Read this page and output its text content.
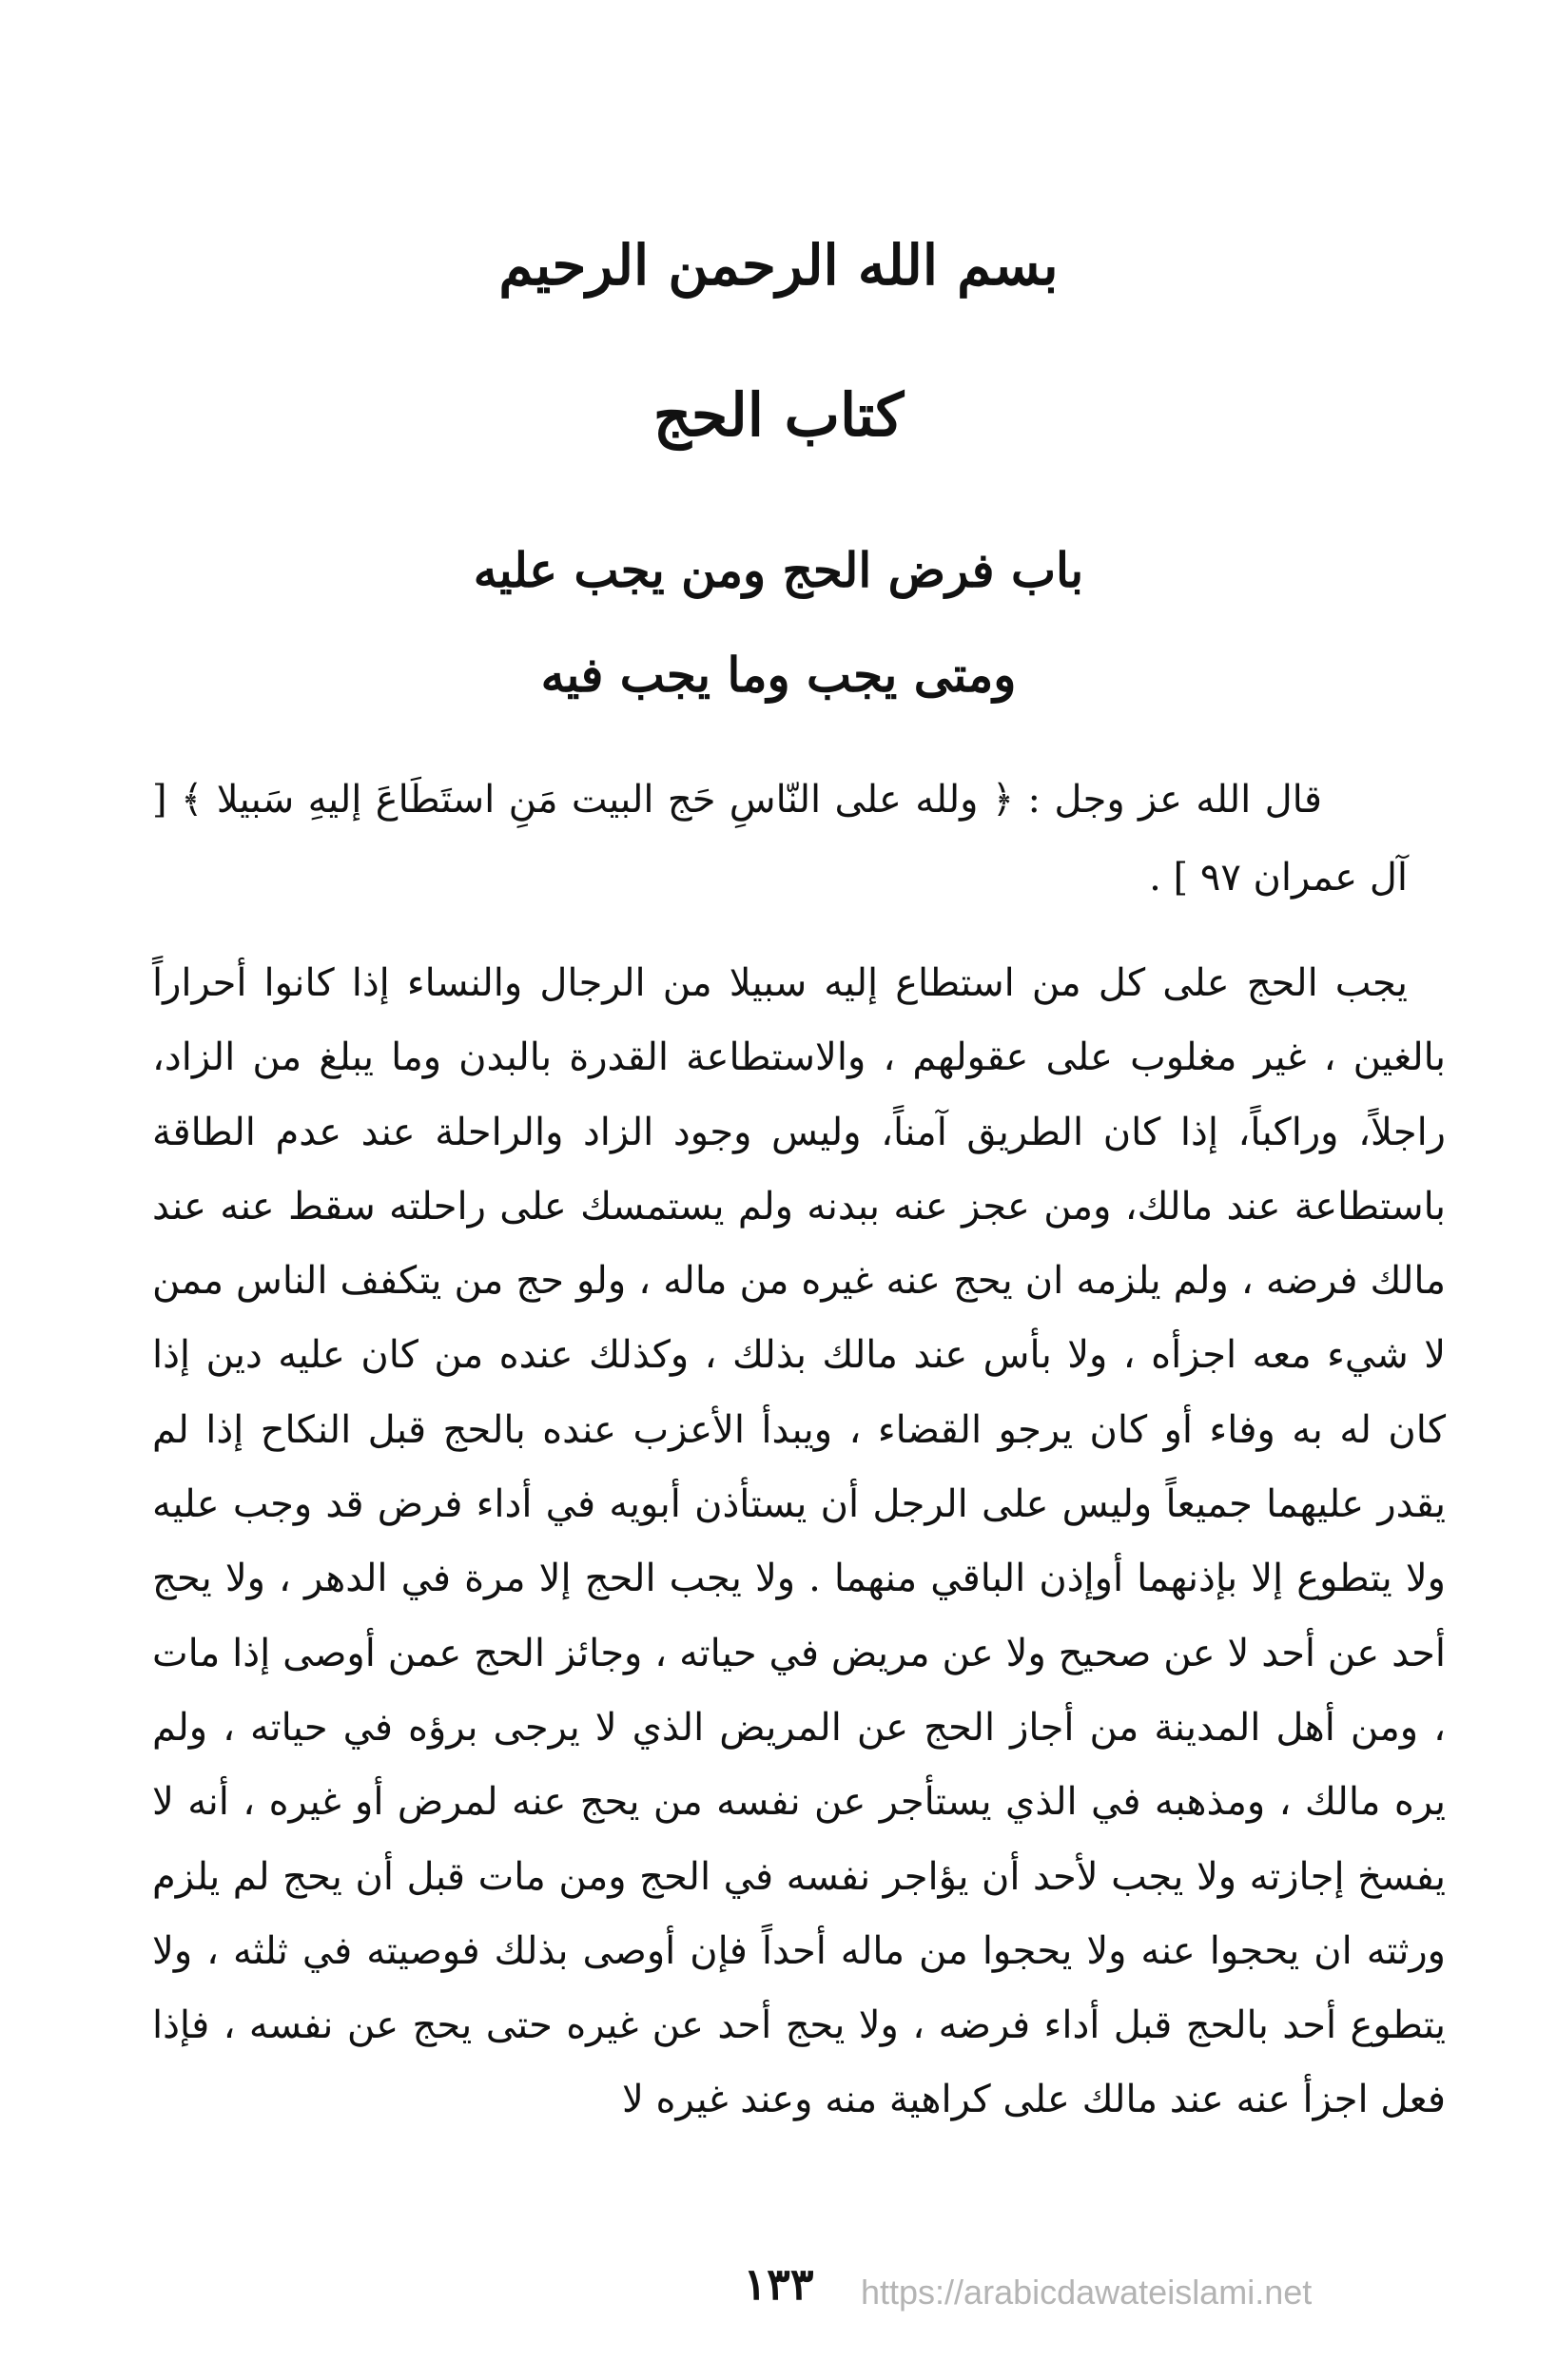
بسم الله الرحمن الرحيم
كتاب الحج
باب فرض الحج ومن يجب عليه
ومتى يجب وما يجب فيه
قال الله عز وجل : ﴿ ولله على النّاسِ حَج البيت مَنِ استَطَاعَ إليهِ سَبيلا ﴾ [ آل عمران ٩٧ ] .
يجب الحج على كل من استطاع إليه سبيلا من الرجال والنساء إذا كانوا أحراراً بالغين ، غير مغلوب على عقولهم ، والاستطاعة القدرة بالبدن وما يبلغ من الزاد، راجلاً، وراكباً، إذا كان الطريق آمناً، وليس وجود الزاد والراحلة عند عدم الطاقة باستطاعة عند مالك، ومن عجز عنه ببدنه ولم يستمسك على راحلته سقط عنه عند مالك فرضه ، ولم يلزمه ان يحج عنه غيره من ماله ، ولو حج من يتكفف الناس ممن لا شيء معه اجزأه ، ولا بأس عند مالك بذلك ، وكذلك عنده من كان عليه دين إذا كان له به وفاء أو كان يرجو القضاء ، ويبدأ الأعزب عنده بالحج قبل النكاح إذا لم يقدر عليهما جميعاً وليس على الرجل أن يستأذن أبويه في أداء فرض قد وجب عليه ولا يتطوع إلا بإذنهما أوإذن الباقي منهما . ولا يجب الحج إلا مرة في الدهر ، ولا يحج أحد عن أحد لا عن صحيح ولا عن مريض في حياته ، وجائز الحج عمن أوصى إذا مات ، ومن أهل المدينة من أجاز الحج عن المريض الذي لا يرجى برؤه في حياته ، ولم يره مالك ، ومذهبه في الذي يستأجر عن نفسه من يحج عنه لمرض أو غيره ، أنه لا يفسخ إجازته ولا يجب لأحد أن يؤاجر نفسه في الحج ومن مات قبل أن يحج لم يلزم ورثته ان يحجوا عنه ولا يحجوا من ماله أحداً فإن أوصى بذلك فوصيته في ثلثه ، ولا يتطوع أحد بالحج قبل أداء فرضه ، ولا يحج أحد عن غيره حتى يحج عن نفسه ، فإذا فعل اجزأ عنه عند مالك على كراهية منه وعند غيره لا
١٣٣	https://arabicdawateislami.net
